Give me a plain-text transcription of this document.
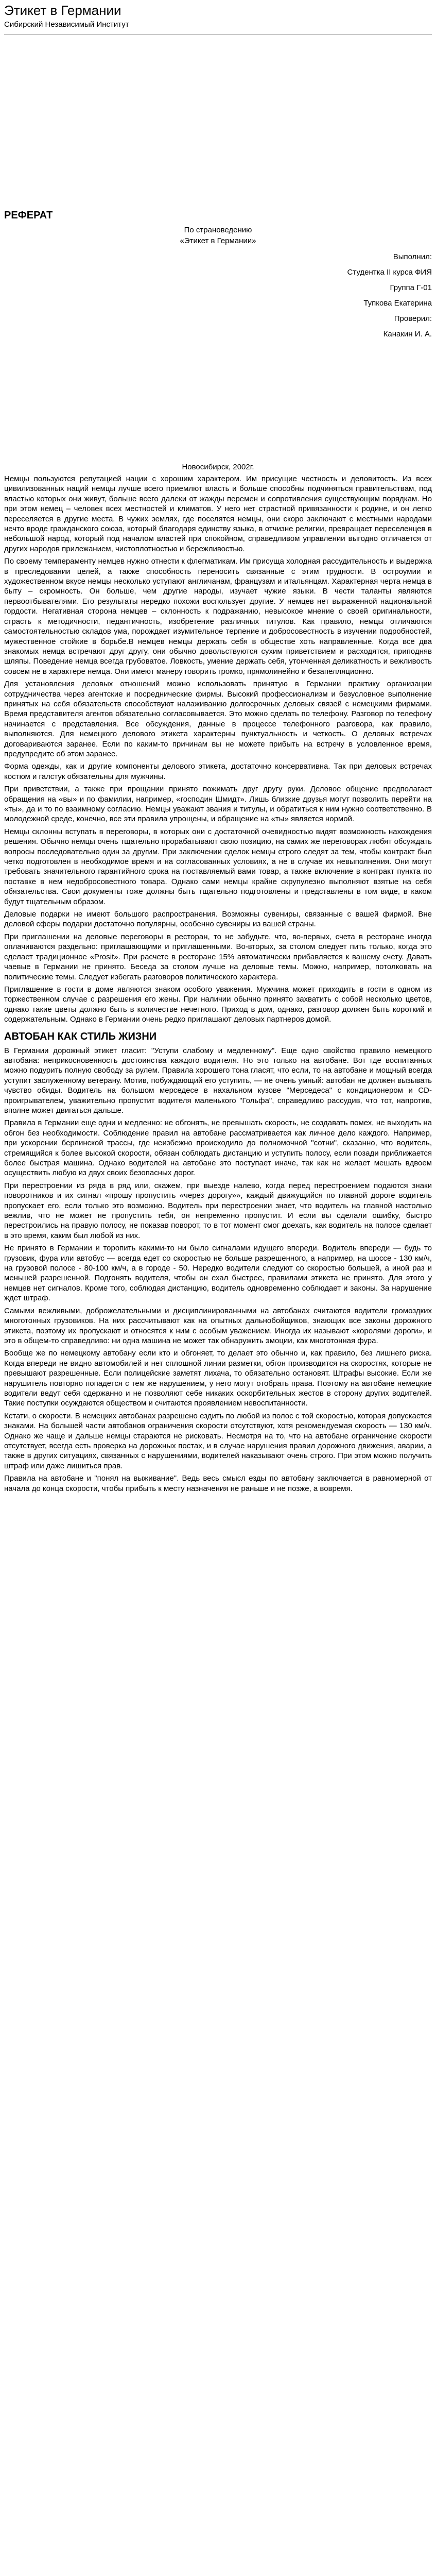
Этикет в Германии
Сибирский Независимый Институт
РЕФЕРАТ
По страноведению
«Этикет в Германии»
Выполнил:
Студентка II курса ФИЯ
Группа Г-01
Тупкова Екатерина
Проверил:
Канакин И. А.
Новосибирск, 2002г.

Немцы пользуются репутацией нации с хорошим характером. Им присущие честность и деловитость. Из всех цивилизованных наций немцы лучше всего приемлют власть и больше способны подчиняться правительствам, под властью которых они живут, больше всего далеки от жажды перемен и сопротивления существующим порядкам. Но при этом немец – человек всех местностей и климатов. У него нет страстной привязанности к родине, и он легко переселяется в другие места. В чужих землях, где поселятся немцы, они скоро заключают с местными народами нечто вроде гражданского союза, который благодаря единству языка, в отчизне религии, превращает переселенцев в небольшой народ, который под началом властей при спокойном, справедливом управлении выгодно отличается от других народов прилежанием, чистоплотностью и бережливостью.

По своему темпераменту немцев нужно отнести к флегматикам. Им присуща холодная рассудительность и выдержка в преследовании целей, а также способность переносить связанные с этим трудности. В остроумии и художественном вкусе немцы несколько уступают англичанам, французам и итальянцам. Характерная черта немца в быту – скромность. Он больше, чем другие народы, изучает чужие языки. В чести таланты являются первоотбывателями. Его результаты нередко похожи воспользует другие. У немцев нет выраженной национальной гордости. Негативная сторона немцев – склонность к подражанию, невысокое мнение о своей оригинальности, страсть к методичности, педантичность, изобретение различных титулов. Как правило, немцы отличаются самостоятельностью складов ума, порождает изумительное терпение и добросовестность в изучении подробностей, мужественное стойкие в борьбе.В немцев немцы держать себя в обществе хоть направленные. Когда все два знакомых немца встречают друг другу, они обычно довольствуются сухим приветствием и расходятся, приподняв шляпы. Поведение немца всегда грубоватое. Ловкость, умение держать себя, утонченная деликатность и вежливость совсем не в характере немца. Они имеют манеру говорить громко, прямолинейно и безапелляционно.

Для установления деловых отношений можно использовать принятую в Германии практику организации сотрудничества через агентские и посреднические фирмы. Высокий профессионализм и безусловное выполнение принятых на себя обязательств способствуют налаживанию долгосрочных деловых связей с немецкими фирмами. Время представителя агентов обязательно согласовывается. Это можно сделать по телефону. Разговор по телефону начинается с представления. Все обсуждения, данные в процессе телефонного разговора, как правило, выполняются. Для немецкого делового этикета характерны пунктуальность и четкость. О деловых встречах договариваются заранее. Если по каким-то причинам вы не можете прибыть на встречу в условленное время, предупредите об этом заранее.

Форма одежды, как и другие компоненты делового этикета, достаточно консервативна. Так при деловых встречах костюм и галстук обязательны для мужчины.

При приветствии, а также при прощании принято пожимать друг другу руки. Деловое общение предполагает обращения на «вы» и по фамилии, например, «господин Шмидт». Лишь близкие друзья могут позволить перейти на «ты», да и то по взаимному согласию. Немцы уважают звания и титулы, и обратиться к ним нужно соответственно. В молодежной среде, конечно, все эти правила упрощены, и обращение на «ты» является нормой.

Немцы склонны вступать в переговоры, в которых они с достаточной очевидностью видят возможность нахождения решения. Обычно немцы очень тщательно прорабатывают свою позицию, на самих же переговорах любят обсуждать вопросы последовательно один за другим. При заключении сделок немцы строго следят за тем, чтобы контракт был четко подготовлен в необходимое время и на согласованных условиях, а не в случае их невыполнения. Они могут требовать значительного гарантийного срока на поставляемый вами товар, а также включение в контракт пункта по поставке в нем недобросовестного товара. Однако сами немцы крайне скрупулезно выполняют взятые на себя обязательства. Свои документы тоже должны быть тщательно подготовлены и представлены в том виде, в каком будут тщательным образом.

Деловые подарки не имеют большого распространения. Возможны сувениры, связанные с вашей фирмой. Вне деловой сферы подарки достаточно популярны, особенно сувениры из вашей страны.

При приглашении на деловые переговоры в ресторан, то не забудьте, что, во-первых, счета в ресторане иногда оплачиваются раздельно: приглашающими и приглашенными. Во-вторых, за столом следует пить только, когда это сделает традиционное «Prosit». При расчете в ресторане 15% автоматически прибавляется к вашему счету. Давать чаевые в Германии не принято. Беседа за столом лучше на деловые темы. Можно, например, потолковать на политические темы. Следует избегать разговоров политического характера.

Приглашение в гости в доме являются знаком особого уважения. Мужчина может приходить в гости в одном из торжественном случае с разрешения его жены. При наличии обычно принято захватить с собой несколько цветов, однако такие цветы должно быть в количестве нечетного. Приход в дом, однако, разговор должен быть короткий и содержательным. Однако в Германии очень редко приглашают деловых партнеров домой.

АВТОБАН КАК СТИЛЬ ЖИЗНИ

В Германии дорожный этикет гласит: "Уступи слабому и медленному". Еще одно свойство правило немецкого автобана: неприкосновенность достоинства каждого водителя. Но это только на автобане. Вот где воспитанных можно подурить полную свободу за рулем. Правила хорошего тона гласят, что если, то на автобане и мощный всегда уступит заслуженному ветерану. Мотив, побуждающий его уступить, — не очень умный: автобан не должен вызывать чувство обиды. Водитель на большом мерседесе в нахальном кузове "Мерседеса" с кондиционером и CD-проигрывателем, уважительно пропустит водителя маленького "Гольфа", справедливо рассудив, что тот, напротив, вполне может двигаться дальше.

Правила в Германии еще одни и медленно: не обгонять, не превышать скорость, не создавать помех, не выходить на обгон без необходимости. Соблюдение правил на автобане рассматривается как личное дело каждого. Например, при ускорении берлинской трассы, где неизбежно происходило до полномочной "сотни", сказанно, что водитель, стремящийся к более высокой скорости, обязан соблюдать дистанцию и уступить полосу, если позади приближается более быстрая машина. Однако водителей на автобане это поступает иначе, так как не желает мешать вдвоем осуществить любую из двух своих безопасных дорог.

При перестроении из ряда в ряд или, скажем, при выезде налево, когда перед перестроением подаются знаки поворотников и их сигнал «прошу пропустить «через дорогу»», каждый движущийся по главной дороге водитель пропускает его, если только это возможно. Водитель при перестроении знает, что водитель на главной настолько вежлив, что не может не пропустить тебя, он непременно пропустит. И если вы сделали ошибку, быстро перестроились на правую полосу, не показав поворот, то в тот момент смог доехать, как водитель на полосе сделает в это время, каким был любой из них.

Не принято в Германии и торопить какими-то ни было сигналами идущего впереди. Водитель впереди — будь то грузовик, фура или автобус — всегда едет со скоростью не больше разрешенного, а например, на шоссе - 130 км/ч, на грузовой полосе - 80-100 км/ч, а в городе - 50. Нередко водители следуют со скоростью большей, а иной раз и меньшей разрешенной. Подгонять водителя, чтобы он ехал быстрее, правилами этикета не принято. Для этого у немцев нет сигналов. Кроме того, соблюдая дистанцию, водитель одновременно соблюдает и законы. За нарушение ждет штраф.

Самыми вежливыми, доброжелательными и дисциплинированными на автобанах считаются водители громоздких многотонных грузовиков. На них рассчитывают как на опытных дальнобойщиков, знающих все законы дорожного этикета, поэтому их пропускают и относятся к ним с особым уважением. Иногда их называют «королями дороги», и это в общем-то справедливо: ни одна машина не может так обнаружить эмоции, как многотонная фура.

Вообще же по немецкому автобану если кто и обгоняет, то делает это обычно и, как правило, без лишнего риска. Когда впереди не видно автомобилей и нет сплошной линии разметки, обгон производится на скоростях, которые не превышают разрешенные. Если полицейские заметят лихача, то обязательно остановят. Штрафы высокие. Если же нарушитель повторно попадется с тем же нарушением, у него могут отобрать права. Поэтому на автобане немецкие водители ведут себя сдержанно и не позволяют себе никаких оскорбительных жестов в сторону других водителей. Такие поступки осуждаются обществом и считаются проявлением невоспитанности.

Кстати, о скорости. В немецких автобанах разрешено ездить по любой из полос с той скоростью, которая допускается знаками. На большей части автобанов ограничения скорости отсутствуют, хотя рекомендуемая скорость — 130 км/ч. Однако же чаще и дальше немцы стараются не рисковать. Несмотря на то, что на автобане ограничение скорости отсутствует, всегда есть проверка на дорожных постах, и в случае нарушения правил дорожного движения, аварии, а также в других ситуациях, связанных с нарушениями, водителей наказывают очень строго. При этом можно получить штраф или даже лишиться прав.

Правила на автобане и "понял на выживание". Ведь весь смысл езды по автобану заключается в равномерной от начала до конца скорости, чтобы прибыть к месту назначения не раньше и не позже, а вовремя.
